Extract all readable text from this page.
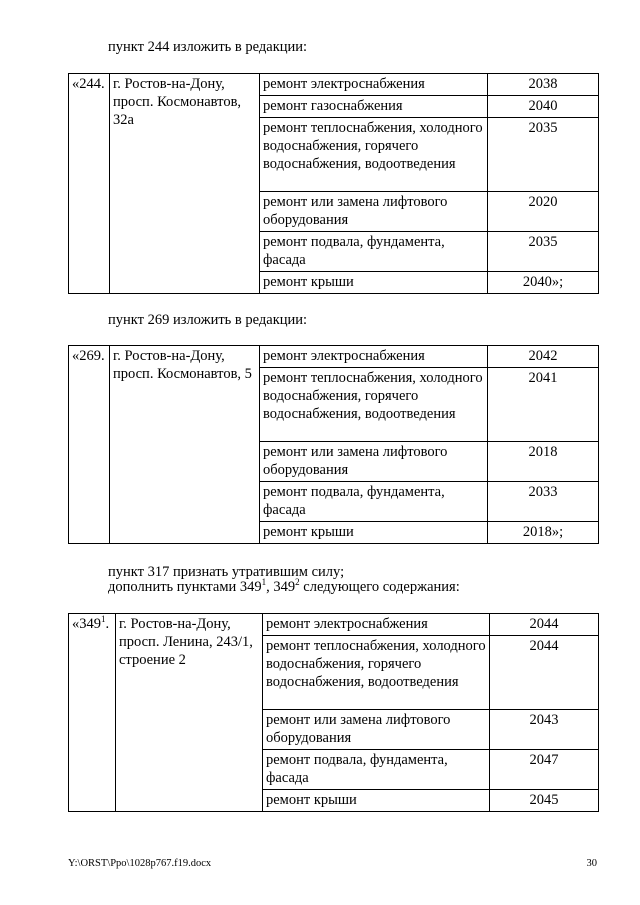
пункт 244 изложить в редакции:

«244.	г. Ростов-на-Дону, просп. Космонавтов, 32а	ремонт электроснабжения	2038
		ремонт газоснабжения	2040
		ремонт теплоснабжения, холодного водоснабжения, горячего водоснабжения, водоотведения	2035
		ремонт или замена лифтового оборудования	2020
		ремонт подвала, фундамента, фасада	2035
		ремонт крыши	2040»;

пункт 269 изложить в редакции:

«269.	г. Ростов-на-Дону, просп. Космонавтов, 5	ремонт электроснабжения	2042
		ремонт теплоснабжения, холодного водоснабжения, горячего водоснабжения, водоотведения	2041
		ремонт или замена лифтового оборудования	2018
		ремонт подвала, фундамента, фасада	2033
		ремонт крыши	2018»;

пункт 317 признать утратившим силу;

дополнить пунктами $349^1$, $349^2$ следующего содержания:

«$349^1$.	г. Ростов-на-Дону, просп. Ленина, 243/1, строение 2	ремонт электроснабжения	2044
		ремонт теплоснабжения, холодного водоснабжения, горячего водоснабжения, водоотведения	2044
		ремонт или замена лифтового оборудования	2043
		ремонт подвала, фундамента, фасада	2047
		ремонт крыши	2045
Y:\ORST\Ppo\1028p767.f19.docx	30
